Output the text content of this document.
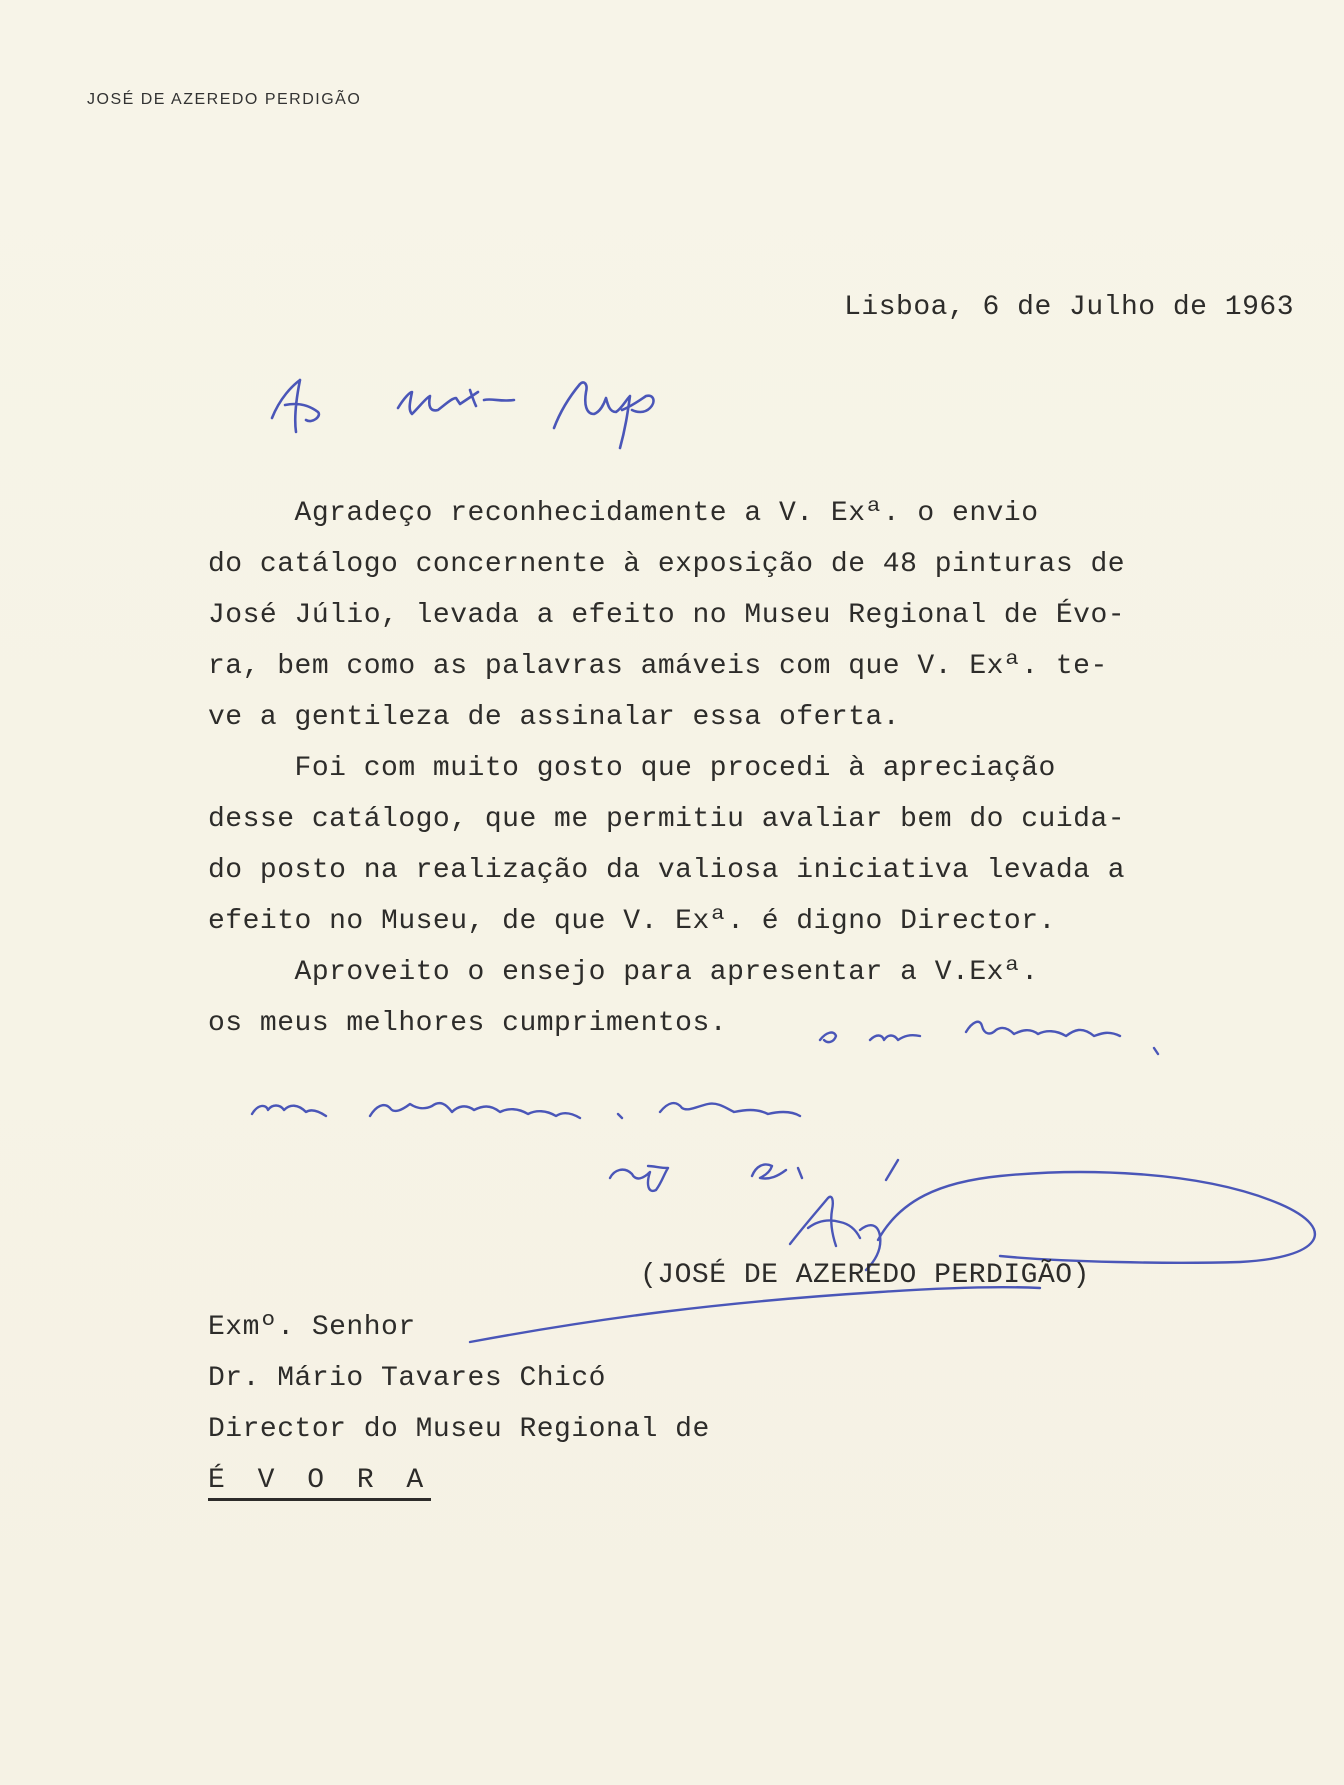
JOSÉ DE AZEREDO PERDIGÃO
Lisboa, 6 de Julho de 1963
Agradeço reconhecidamente a V. Exª. o envio
do catálogo concernente à exposição de 48 pinturas de
José Júlio, levada a efeito no Museu Regional de Évo-
ra, bem como as palavras amáveis com que V. Exª. te-
ve a gentileza de assinalar essa oferta.
Foi com muito gosto que procedi à apreciação
desse catálogo, que me permitiu avaliar bem do cuida-
do posto na realização da valiosa iniciativa levada a
efeito no Museu, de que V. Exª. é digno Director.
Aproveito o ensejo para apresentar a V.Exª.
os meus melhores cumprimentos.
(JOSÉ DE AZEREDO PERDIGÃO)
Exmº. Senhor
Dr. Mário Tavares Chicó
Director do Museu Regional de
É V O R A
